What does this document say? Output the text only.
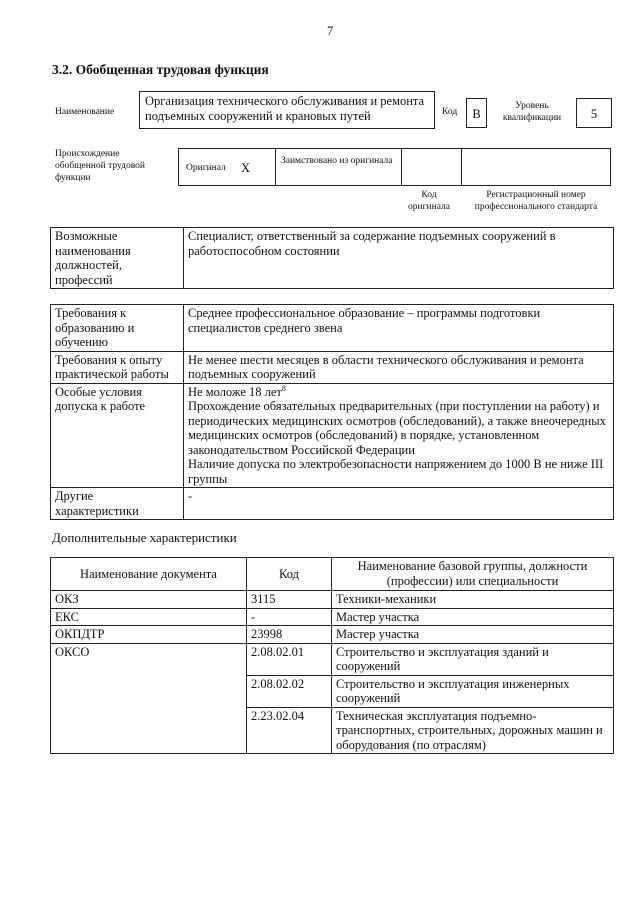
7
3.2. Обобщенная трудовая функция
Наименование
Организация технического обслуживания и ремонта подъемных сооружений и крановых путей	Код	B
Уровень квалификации	5
Происхождение обобщенной трудовой функции
Оригинал X	Заимствовано из оригинала
Код оригинала
Регистрационный номер профессионального стандарта
Возможные наименования должностей, профессий	Специалист, ответственный за содержание подъемных сооружений в работоспособном состоянии
Требования к образованию и обучению	Среднее профессиональное образование – программы подготовки специалистов среднего звена
Требования к опыту практической работы	Не менее шести месяцев в области технического обслуживания и ремонта подъемных сооружений
Особые условия допуска к работе	Не моложе 18 лет$^8$
Прохождение обязательных предварительных (при поступлении на работу) и периодических медицинских осмотров (обследований), а также внеочередных медицинских осмотров (обследований) в порядке, установленном законодательством Российской Федерации
Наличие допуска по электробезопасности напряжением до 1000 В не ниже III группы

Другие характеристики	-
Дополнительные характеристики
Наименование документа	Код	Наименование базовой группы, должности (профессии) или специальности
ОКЗ	3115	Техники-механики
ЕКС	-	Мастер участка
ОКПДТР	23998	Мастер участка
ОКСО	2.08.02.01	Строительство и эксплуатация зданий и сооружений
	2.08.02.02	Строительство и эксплуатация инженерных сооружений
	2.23.02.04	Техническая эксплуатация подъемно-транспортных, строительных, дорожных машин и оборудования (по отраслям)
